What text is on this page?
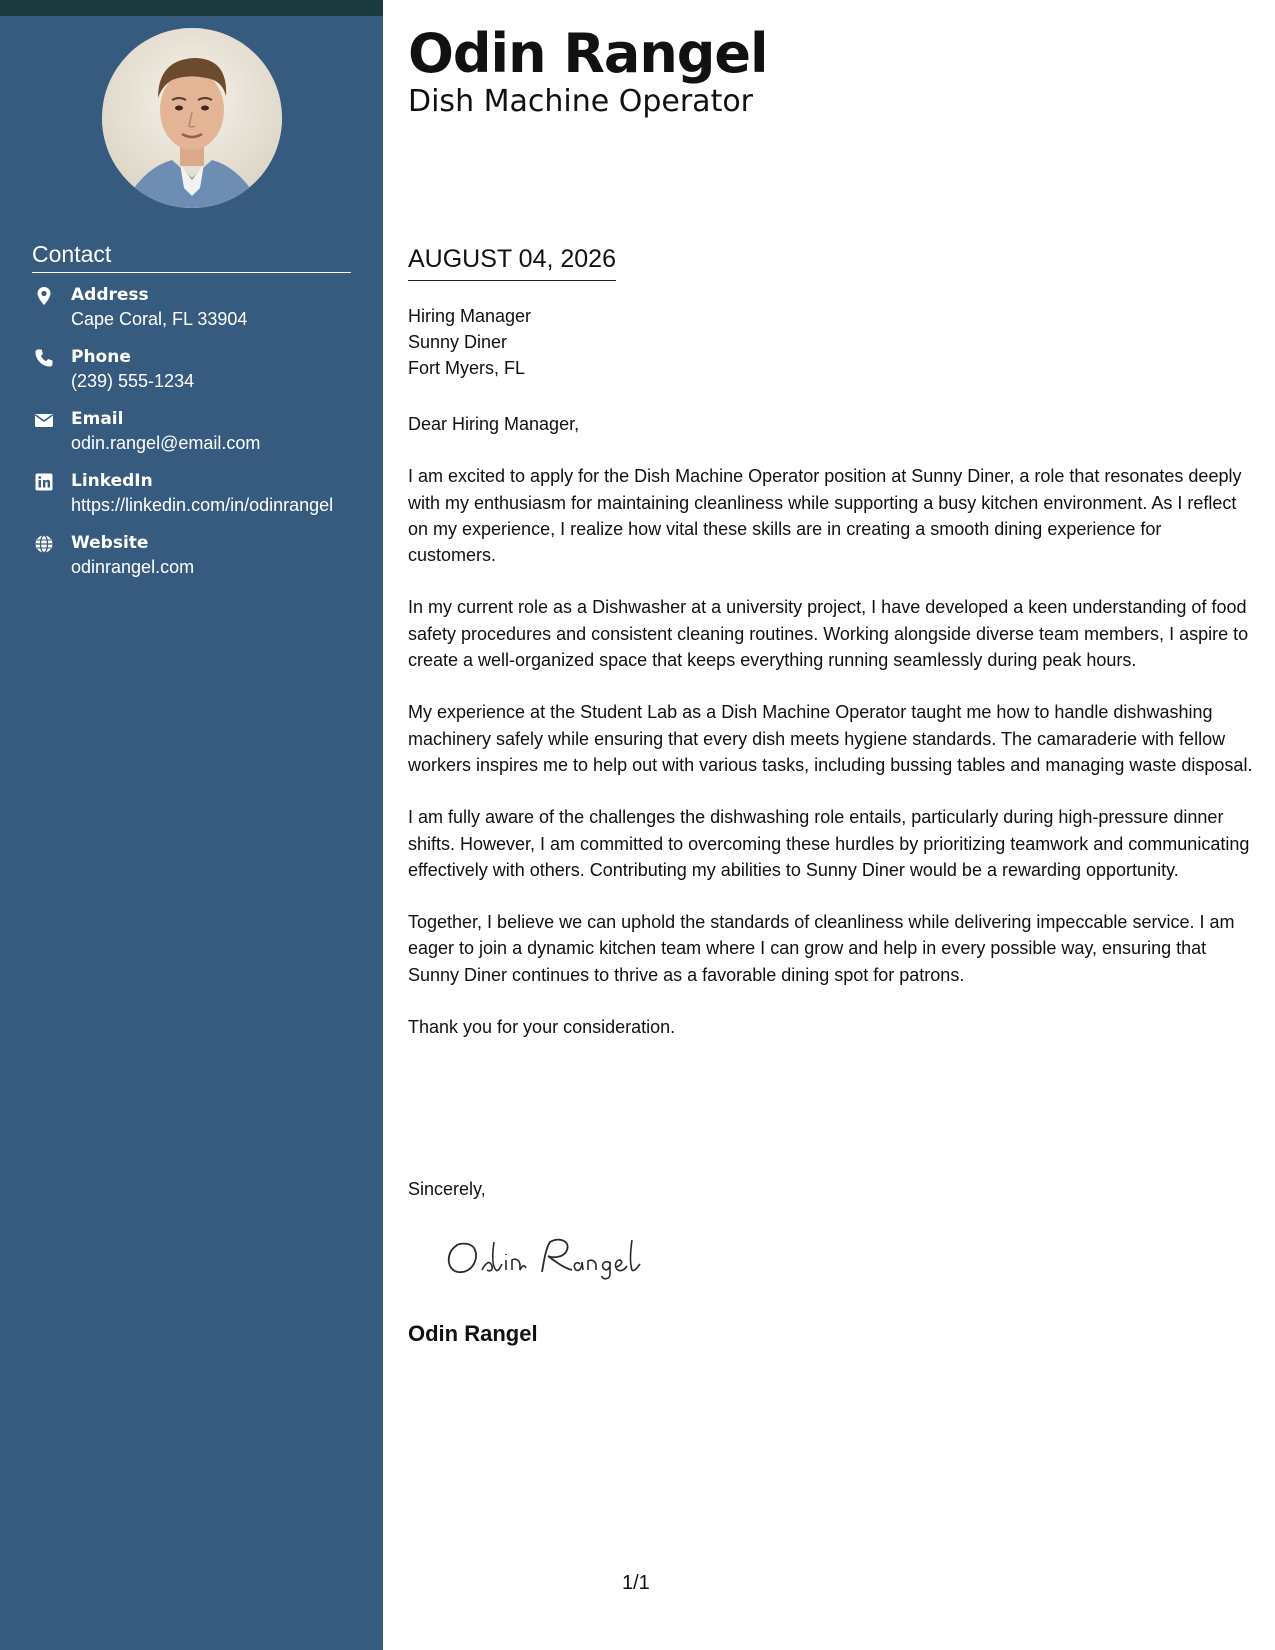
Contact
Address
Cape Coral, FL 33904
Phone
(239) 555-1234
Email
odin.rangel@email.com
LinkedIn
https://linkedin.com/in/odinrangel
Website
odinrangel.com
Odin Rangel
Dish Machine Operator
AUGUST 04, 2026
Hiring Manager
Sunny Diner
Fort Myers, FL

Dear Hiring Manager,

I am excited to apply for the Dish Machine Operator position at Sunny Diner, a role that resonates deeply with my enthusiasm for maintaining cleanliness while supporting a busy kitchen environment. As I reflect on my experience, I realize how vital these skills are in creating a smooth dining experience for customers.

In my current role as a Dishwasher at a university project, I have developed a keen understanding of food safety procedures and consistent cleaning routines. Working alongside diverse team members, I aspire to create a well-organized space that keeps everything running seamlessly during peak hours.

My experience at the Student Lab as a Dish Machine Operator taught me how to handle dishwashing machinery safely while ensuring that every dish meets hygiene standards. The camaraderie with fellow workers inspires me to help out with various tasks, including bussing tables and managing waste disposal.

I am fully aware of the challenges the dishwashing role entails, particularly during high-pressure dinner shifts. However, I am committed to overcoming these hurdles by prioritizing teamwork and communicating effectively with others. Contributing my abilities to Sunny Diner would be a rewarding opportunity.

Together, I believe we can uphold the standards of cleanliness while delivering impeccable service. I am eager to join a dynamic kitchen team where I can grow and help in every possible way, ensuring that Sunny Diner continues to thrive as a favorable dining spot for patrons.

Thank you for your consideration.

Sincerely,
Odin Rangel
1/1
